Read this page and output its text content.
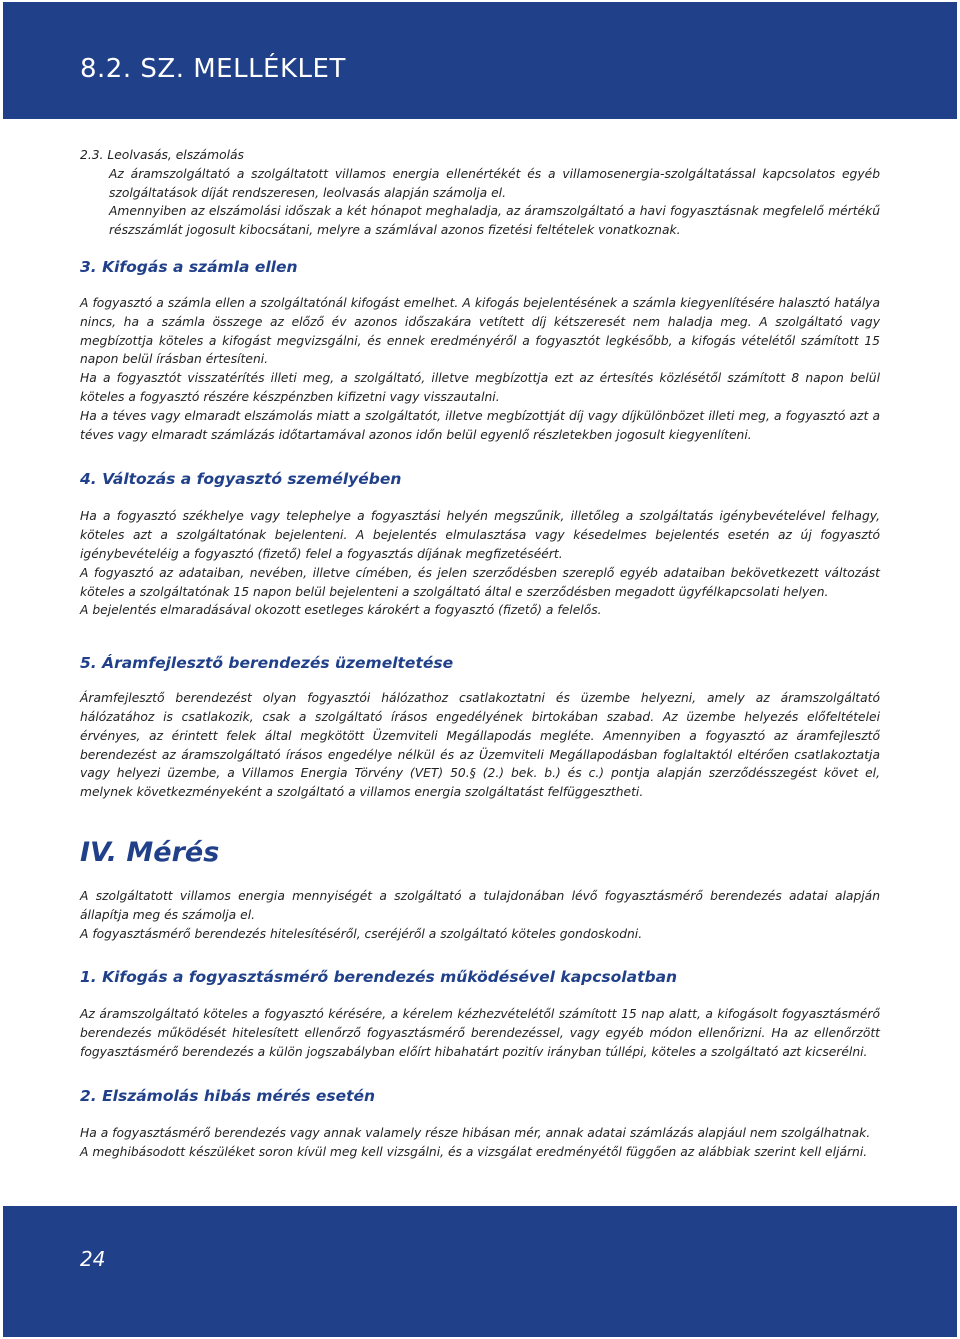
8.2. SZ. MELLÉKLET

2.3. Leolvasás, elszámolás

Az áramszolgáltató a szolgáltatott villamos energia ellenértékét és a villamosenergia-szolgáltatással kapcsolatos egyéb szolgáltatások díját rendszeresen, leolvasás alapján számolja el.

Amennyiben az elszámolási időszak a két hónapot meghaladja, az áramszolgáltató a havi fogyasztásnak megfelelő mértékű részszámlát jogosult kibocsátani, melyre a számlával azonos fizetési feltételek vonatkoznak.

3. Kifogás a számla ellen

A fogyasztó a számla ellen a szolgáltatónál kifogást emelhet. A kifogás bejelentésének a számla kiegyenlítésére halasztó hatálya nincs, ha a számla összege az előző év azonos időszakára vetített díj kétszeresét nem haladja meg. A szolgáltató vagy megbízottja köteles a kifogást megvizsgálni, és ennek eredményéről a fogyasztót legkésőbb, a kifogás vételétől számított 15 napon belül írásban értesíteni.

Ha a fogyasztót visszatérítés illeti meg, a szolgáltató, illetve megbízottja ezt az értesítés közlésétől számított 8 napon belül köteles a fogyasztó részére készpénzben kifizetni vagy visszautalni.

Ha a téves vagy elmaradt elszámolás miatt a szolgáltatót, illetve megbízottját díj vagy díjkülönbözet illeti meg, a fogyasztó azt a téves vagy elmaradt számlázás időtartamával azonos időn belül egyenlő részletekben jogosult kiegyenlíteni.

4. Változás a fogyasztó személyében

Ha a fogyasztó székhelye vagy telephelye a fogyasztási helyén megszűnik, illetőleg a szolgáltatás igénybevételével felhagy, köteles azt a szolgáltatónak bejelenteni. A bejelentés elmulasztása vagy késedelmes bejelentés esetén az új fogyasztó igénybevételéig a fogyasztó (fizető) felel a fogyasztás díjának megfizetéséért.

A fogyasztó az adataiban, nevében, illetve címében, és jelen szerződésben szereplő egyéb adataiban bekövetkezett változást köteles a szolgáltatónak 15 napon belül bejelenteni a szolgáltató által e szerződésben megadott ügyfélkapcsolati helyen.

A bejelentés elmaradásával okozott esetleges károkért a fogyasztó (fizető) a felelős.

5. Áramfejlesztő berendezés üzemeltetése

Áramfejlesztő berendezést olyan fogyasztói hálózathoz csatlakoztatni és üzembe helyezni, amely az áramszolgáltató hálózatához is csatlakozik, csak a szolgáltató írásos engedélyének birtokában szabad. Az üzembe helyezés előfeltételei érvényes, az érintett felek által megkötött Üzemviteli Megállapodás megléte. Amennyiben a fogyasztó az áramfejlesztő berendezést az áramszolgáltató írásos engedélye nélkül és az Üzemviteli Megállapodásban foglaltaktól eltérően csatlakoztatja vagy helyezi üzembe, a Villamos Energia Törvény (VET) 50.§ (2.) bek. b.) és c.) pontja alapján szerződésszegést követ el, melynek következményeként a szolgáltató a villamos energia szolgáltatást felfüggesztheti.

IV. Mérés

A szolgáltatott villamos energia mennyiségét a szolgáltató a tulajdonában lévő fogyasztásmérő berendezés adatai alapján állapítja meg és számolja el.

A fogyasztásmérő berendezés hitelesítéséről, cseréjéről a szolgáltató köteles gondoskodni.

1. Kifogás a fogyasztásmérő berendezés működésével kapcsolatban

Az áramszolgáltató köteles a fogyasztó kérésére, a kérelem kézhezvételétől számított 15 nap alatt, a kifogásolt fogyasztásmérő berendezés működését hitelesített ellenőrző fogyasztásmérő berendezéssel, vagy egyéb módon ellenőrizni. Ha az ellenőrzött fogyasztásmérő berendezés a külön jogszabályban előírt hibahatárt pozitív irányban túllépi, köteles a szolgáltató azt kicserélni.

2. Elszámolás hibás mérés esetén

Ha a fogyasztásmérő berendezés vagy annak valamely része hibásan mér, annak adatai számlázás alapjául nem szolgálhatnak.

A meghibásodott készüléket soron kívül meg kell vizsgálni, és a vizsgálat eredményétől függően az alábbiak szerint kell eljárni.

24
